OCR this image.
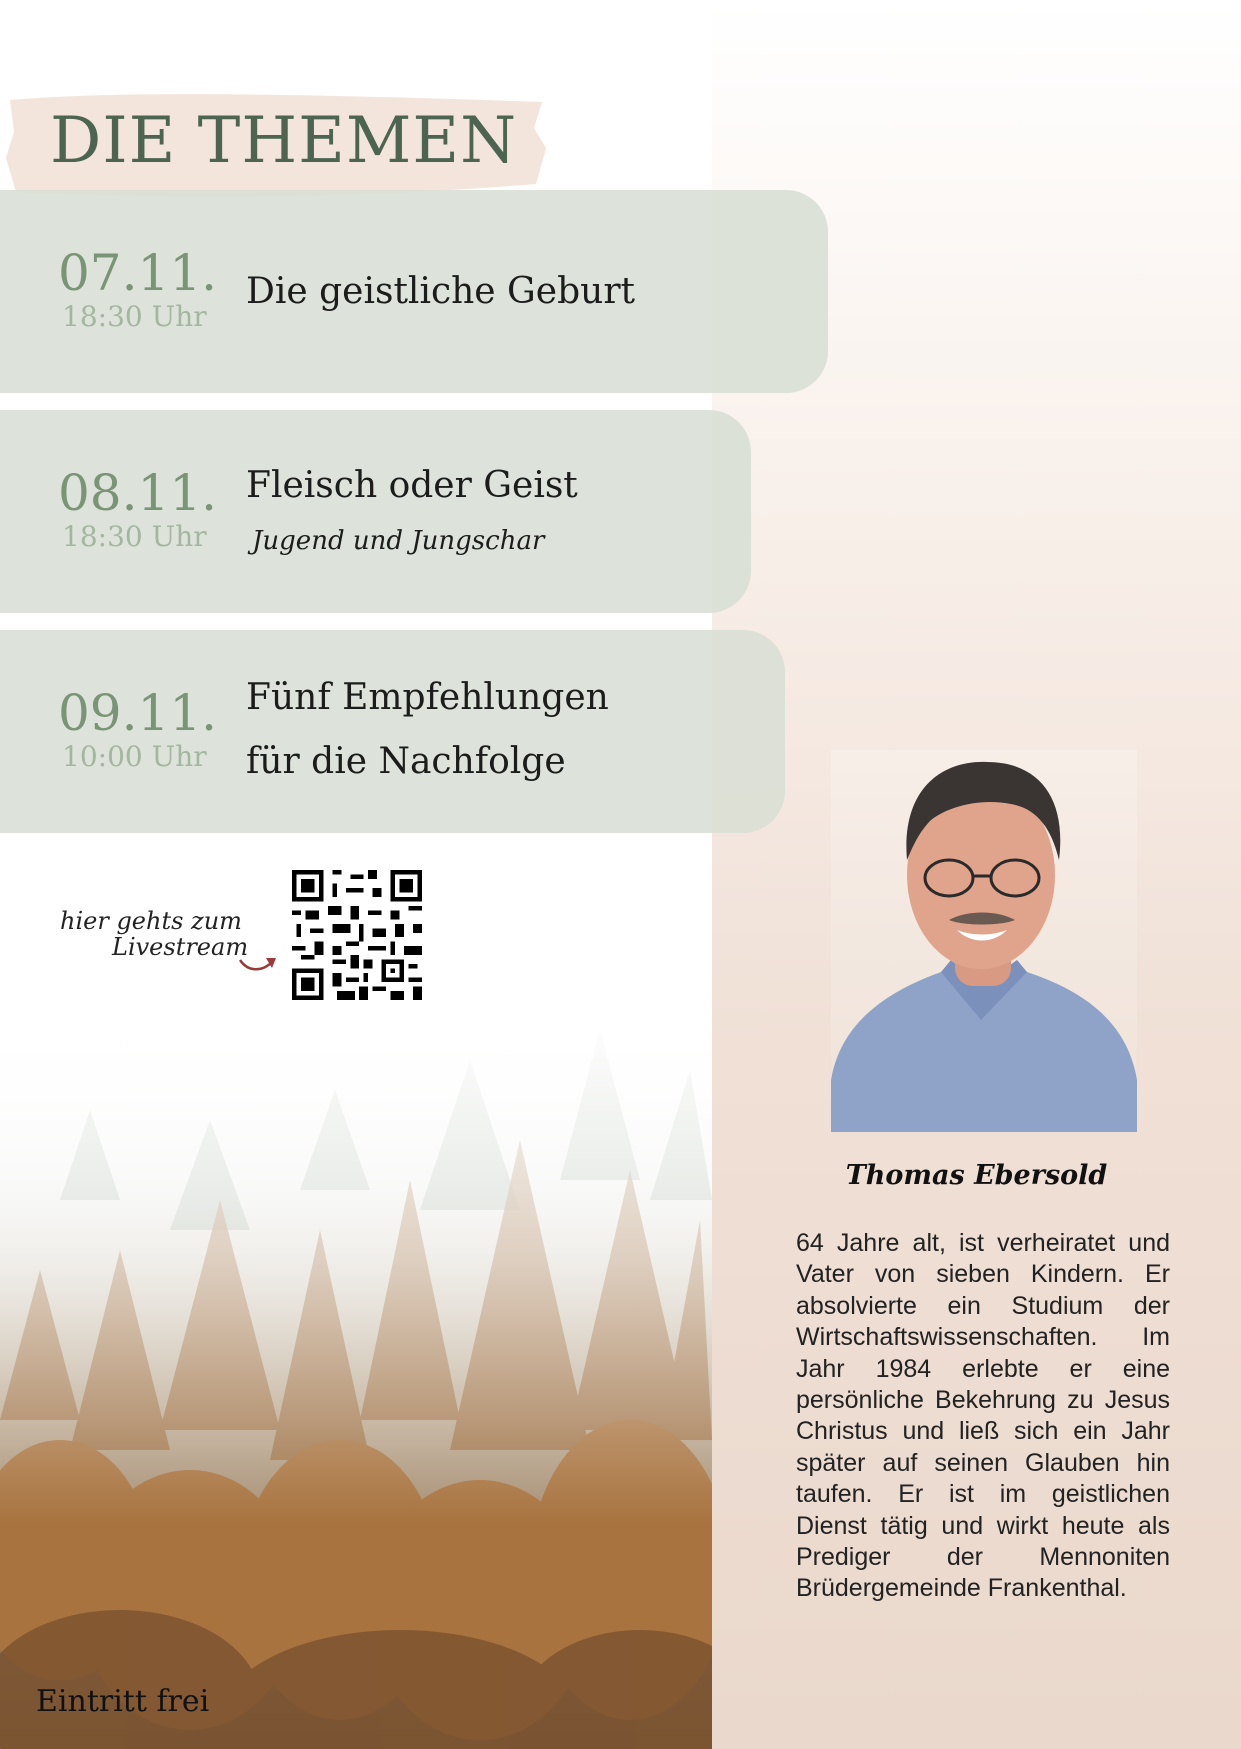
DIE THEMEN
07.11.
18:30 Uhr
Die geistliche Geburt
08.11.
18:30 Uhr
Fleisch oder Geist
Jugend und Jungschar
09.11.
10:00 Uhr
Fünf Empfehlungen
für die Nachfolge
hier gehts zum
Livestream
Eintritt frei
Thomas Ebersold

64 Jahre alt, ist verheiratet und Vater von sieben Kindern. Er absolvierte ein Studium der Wirtschaftswissenschaften. Im Jahr 1984 erlebte er eine persönliche Bekehrung zu Jesus Christus und ließ sich ein Jahr später auf seinen Glauben hin taufen. Er ist im geistlichen Dienst tätig und wirkt heute als Prediger der Mennoniten Brüdergemeinde Frankenthal.
